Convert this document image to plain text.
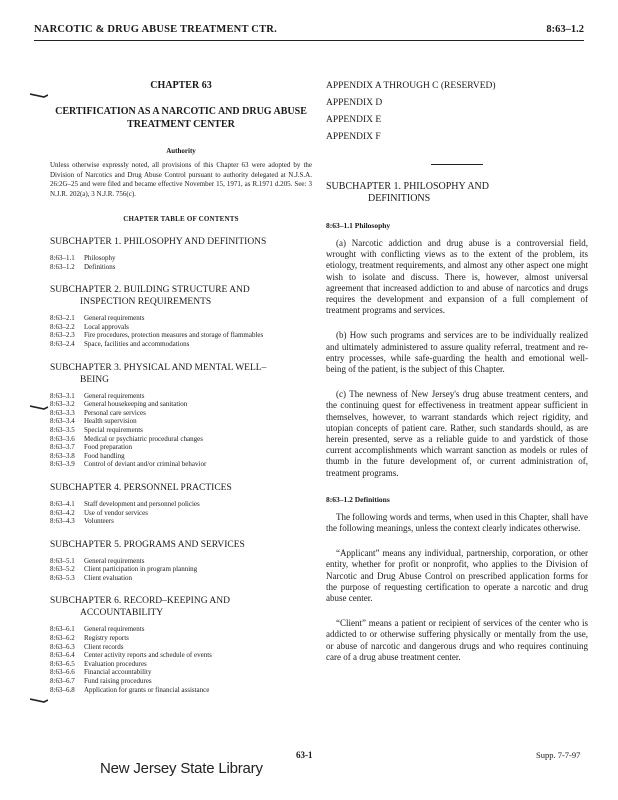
NARCOTIC & DRUG ABUSE TREATMENT CTR.	8:63–1.2
CHAPTER 63
CERTIFICATION AS A NARCOTIC AND DRUG ABUSE TREATMENT CENTER
Authority
Unless otherwise expressly noted, all provisions of this Chapter 63 were adopted by the Division of Narcotics and Drug Abuse Control pursuant to authority delegated at N.J.S.A. 26:2G–25 and were filed and became effective November 15, 1971, as R.1971 d.205. See: 3 N.J.R. 202(a), 3 N.J.R. 756(c).
CHAPTER TABLE OF CONTENTS
SUBCHAPTER 1. PHILOSOPHY AND DEFINITIONS
8:63–1.1	Philosophy
8:63–1.2	Definitions
SUBCHAPTER 2. BUILDING STRUCTURE AND
INSPECTION REQUIREMENTS
8:63–2.1	General requirements
8:63–2.2	Local approvals
8:63–2.3	Fire procedures, protection measures and storage of flammables
8:63–2.4	Space, facilities and accommodations
SUBCHAPTER 3. PHYSICAL AND MENTAL WELL–
BEING
8:63–3.1	General requirements
8:63–3.2	General housekeeping and sanitation
8:63–3.3	Personal care services
8:63–3.4	Health supervision
8:63–3.5	Special requirements
8:63–3.6	Medical or psychiatric procedural changes
8:63–3.7	Food preparation
8:63–3.8	Food handling
8:63–3.9	Control of deviant and/or criminal behavior
SUBCHAPTER 4. PERSONNEL PRACTICES
8:63–4.1	Staff development and personnel policies
8:63–4.2	Use of vendor services
8:63–4.3	Volunteers
SUBCHAPTER 5. PROGRAMS AND SERVICES
8:63–5.1	General requirements
8:63–5.2	Client participation in program planning
8:63–5.3	Client evaluation
SUBCHAPTER 6. RECORD–KEEPING AND
ACCOUNTABILITY
8:63–6.1	General requirements
8:63–6.2	Registry reports
8:63–6.3	Client records
8:63–6.4	Center activity reports and schedule of events
8:63–6.5	Evaluation procedures
8:63–6.6	Financial accountability
8:63–6.7	Fund raising procedures
8:63–6.8	Application for grants or financial assistance
APPENDIX A THROUGH C (RESERVED)
APPENDIX D
APPENDIX E
APPENDIX F
SUBCHAPTER 1. PHILOSOPHY AND
DEFINITIONS
8:63–1.1 Philosophy
(a) Narcotic addiction and drug abuse is a controversial field, wrought with conflicting views as to the extent of the problem, its etiology, treatment requirements, and almost any other aspect one might wish to isolate and discuss. There is, however, almost universal agreement that increased addiction to and abuse of narcotics and drugs requires the development and expansion of a full complement of treatment programs and services.
(b) How such programs and services are to be individually realized and ultimately administered to assure quality referral, treatment and re-entry processes, while safe-guarding the health and emotional well-being of the patient, is the subject of this Chapter.
(c) The newness of New Jersey's drug abuse treatment centers, and the continuing quest for effectiveness in treatment appear sufficient in themselves, however, to warrant standards which reject rigidity, and utopian concepts of patient care. Rather, such standards should, as are herein presented, serve as a reliable guide to and yardstick of those current accomplishments which warrant sanction as models or rules of thumb in the future development of, or current administration of, treatment programs.
8:63–1.2 Definitions
The following words and terms, when used in this Chapter, shall have the following meanings, unless the context clearly indicates otherwise.
“Applicant” means any individual, partnership, corporation, or other entity, whether for profit or nonprofit, who applies to the Division of Narcotic and Drug Abuse Control on prescribed application forms for the purpose of requesting certification to operate a narcotic and drug abuse center.
“Client” means a patient or recipient of services of the center who is addicted to or otherwise suffering physically or mentally from the use, or abuse of narcotic and dangerous drugs and who requires continuing care of a drug abuse treatment center.
63-1	Supp. 7-7-97
New Jersey State Library
